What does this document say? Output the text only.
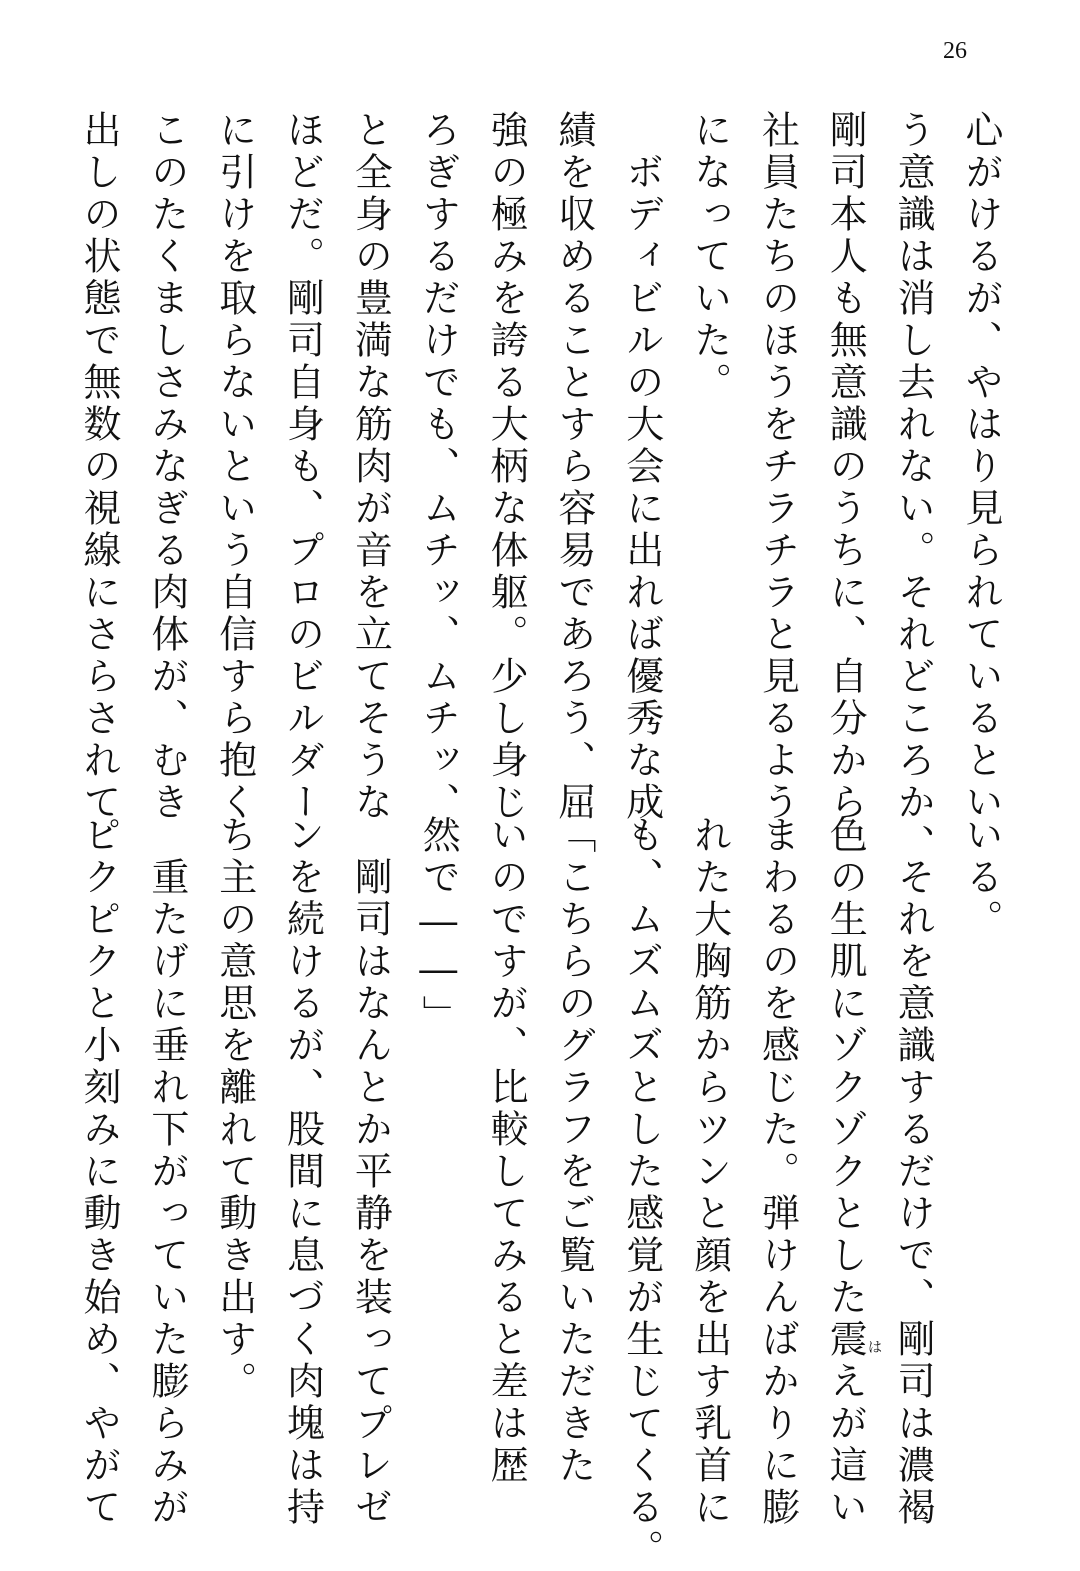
26
心がけるが、やはり見られているとい
う意識は消し去れない。それどころか、
剛司本人も無意識のうちに、自分から
社員たちのほうをチラチラと見るよう
になっていた。
　ボディビルの大会に出れば優秀な成
績を収めることすら容易であろう、屈
強の極みを誇る大柄な体躯。少し身じ
ろぎするだけでも、ムチッ、ムチッ、
と全身の豊満な筋肉が音を立てそうな
ほどだ。剛司自身も、プロのビルダー
に引けを取らないという自信すら抱く
このたくましさみなぎる肉体が、むき
出しの状態で無数の視線にさらされて
いる。
　それを意識するだけで、剛司は濃褐
色の生肌にゾクゾクとした震えが這い
まわるのを感じた。弾けんばかりに膨
れた大胸筋からツンと顔を出す乳首に
も、ムズムズとした感覚が生じてくる。
「こちらのグラフをご覧いただきた
いのですが、比較してみると差は歴
然で――」
　剛司はなんとか平静を装ってプレゼ
ンを続けるが、股間に息づく肉塊は持
ち主の意思を離れて動き出す。
　重たげに垂れ下がっていた膨らみが
ピクピクと小刻みに動き始め、やがて	は
